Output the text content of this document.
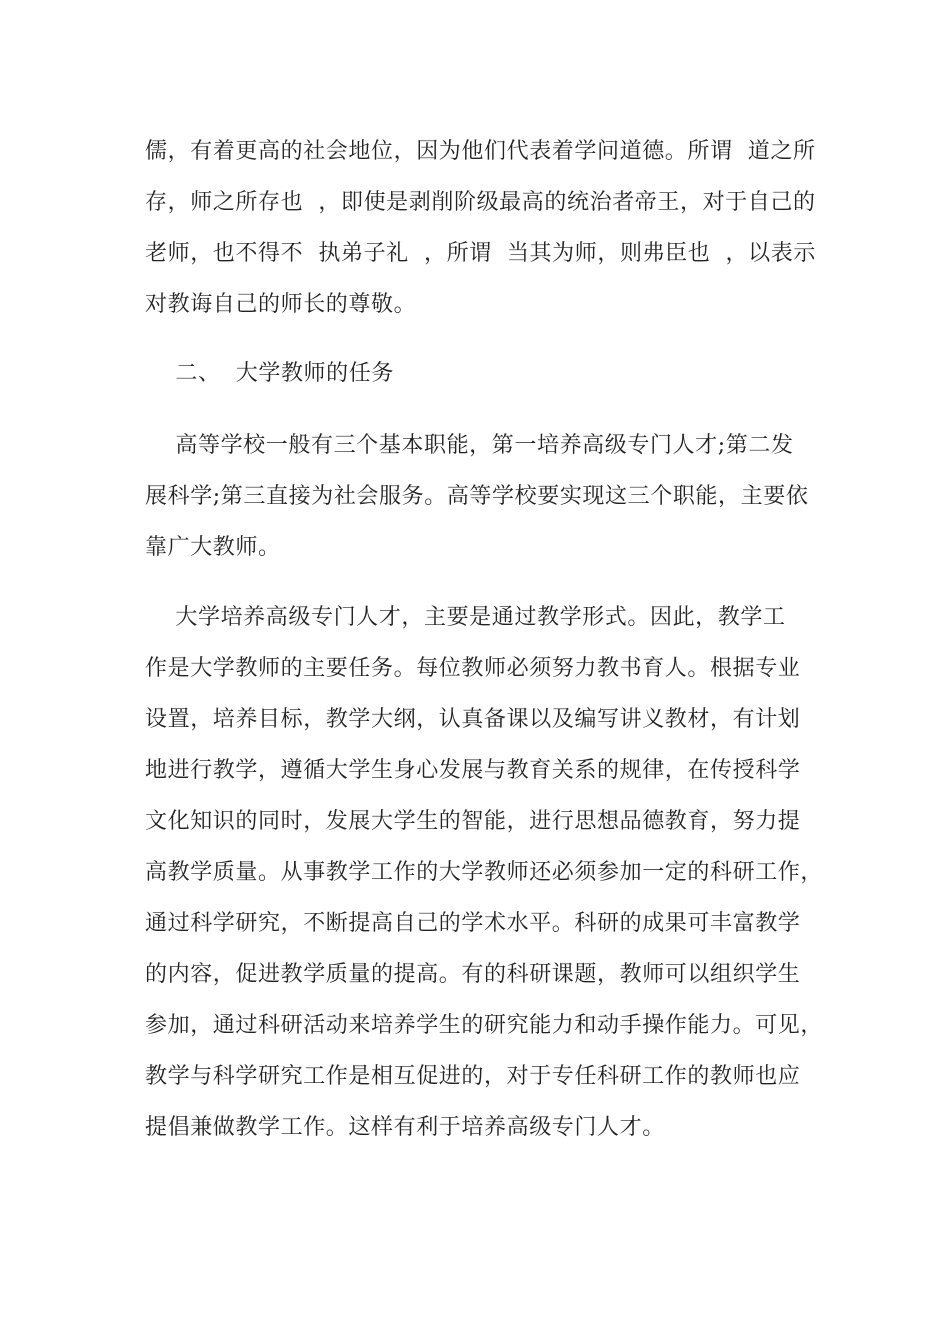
儒，有着更高的社会地位，因为他们代表着学问道德。所谓  道之所
存，师之所存也  ，即使是剥削阶级最高的统治者帝王，对于自己的
老师，也不得不  执弟子礼  ，所谓  当其为师，则弗臣也  ，以表示
对教诲自己的师长的尊敬。
二、  大学教师的任务
高等学校一般有三个基本职能，第一培养高级专门人才;第二发
展科学;第三直接为社会服务。高等学校要实现这三个职能，主要依
靠广大教师。
大学培养高级专门人才，主要是通过教学形式。因此，教学工
作是大学教师的主要任务。每位教师必须努力教书育人。根据专业
设置，培养目标，教学大纲，认真备课以及编写讲义教材，有计划
地进行教学，遵循大学生身心发展与教育关系的规律，在传授科学
文化知识的同时，发展大学生的智能，进行思想品德教育，努力提
高教学质量。从事教学工作的大学教师还必须参加一定的科研工作，
通过科学研究，不断提高自己的学术水平。科研的成果可丰富教学
的内容，促进教学质量的提高。有的科研课题，教师可以组织学生
参加，通过科研活动来培养学生的研究能力和动手操作能力。可见，
教学与科学研究工作是相互促进的，对于专任科研工作的教师也应
提倡兼做教学工作。这样有利于培养高级专门人才。
